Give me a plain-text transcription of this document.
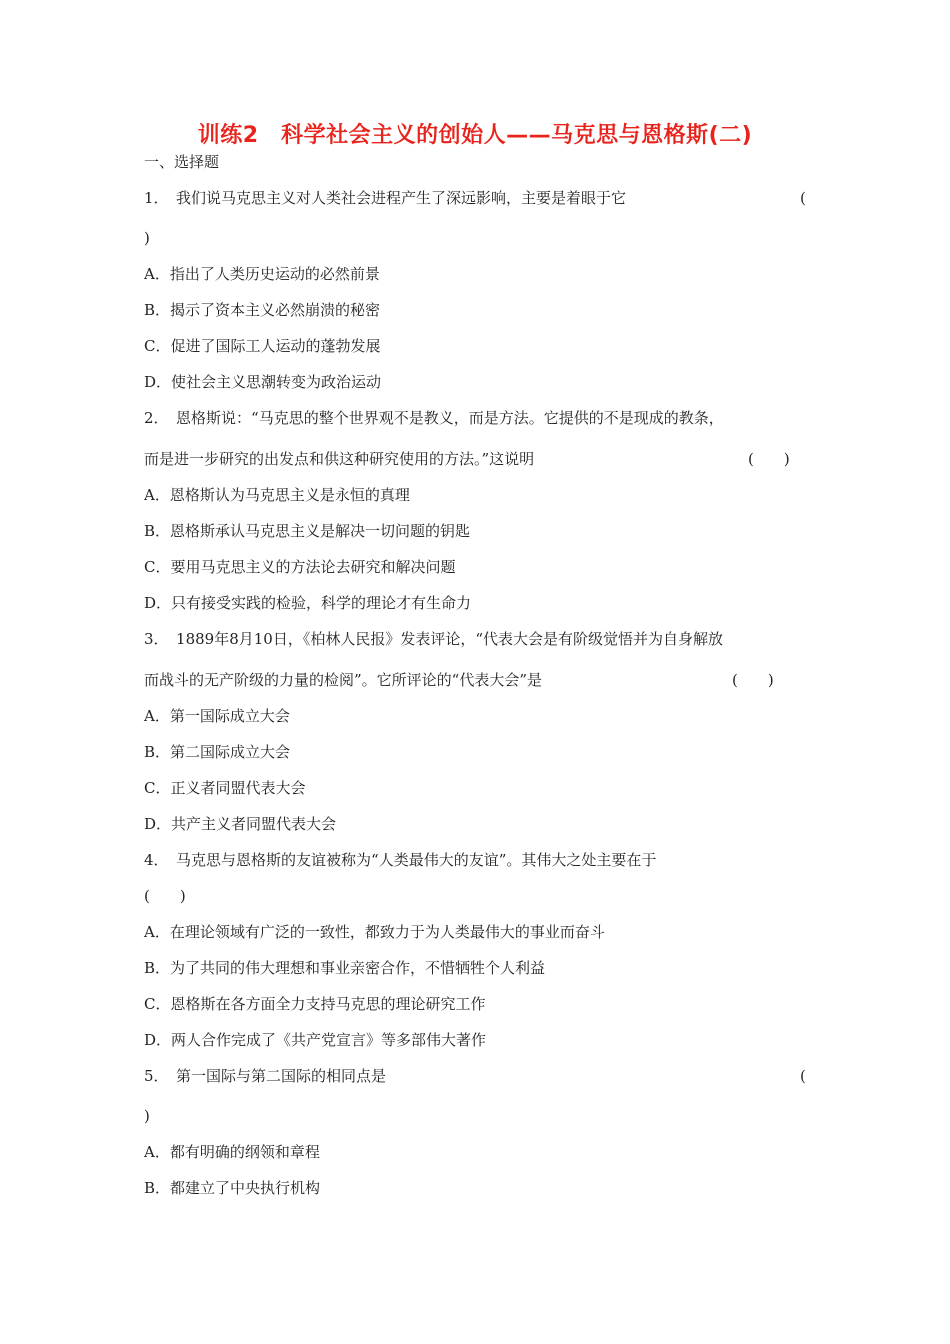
训练2　科学社会主义的创始人——马克思与恩格斯(二)
一、选择题
1．　我们说马克思主义对人类社会进程产生了深远影响，主要是着眼于它	(
)
A．指出了人类历史运动的必然前景
B．揭示了资本主义必然崩溃的秘密
C．促进了国际工人运动的蓬勃发展
D．使社会主义思潮转变为政治运动
2．　恩格斯说：“马克思的整个世界观不是教义，而是方法。它提供的不是现成的教条，
而是进一步研究的出发点和供这种研究使用的方法。”这说明	(　　)
A．恩格斯认为马克思主义是永恒的真理
B．恩格斯承认马克思主义是解决一切问题的钥匙
C．要用马克思主义的方法论去研究和解决问题
D．只有接受实践的检验，科学的理论才有生命力
3．　1889年8月10日，《柏林人民报》发表评论，“代表大会是有阶级觉悟并为自身解放
而战斗的无产阶级的力量的检阅”。它所评论的“代表大会”是	(　　)
A．第一国际成立大会
B．第二国际成立大会
C．正义者同盟代表大会
D．共产主义者同盟代表大会
4．　马克思与恩格斯的友谊被称为“人类最伟大的友谊”。其伟大之处主要在于
(　　)
A．在理论领域有广泛的一致性，都致力于为人类最伟大的事业而奋斗
B．为了共同的伟大理想和事业亲密合作，不惜牺牲个人利益
C．恩格斯在各方面全力支持马克思的理论研究工作
D．两人合作完成了《共产党宣言》等多部伟大著作
5．　第一国际与第二国际的相同点是	(
)
A．都有明确的纲领和章程
B．都建立了中央执行机构
